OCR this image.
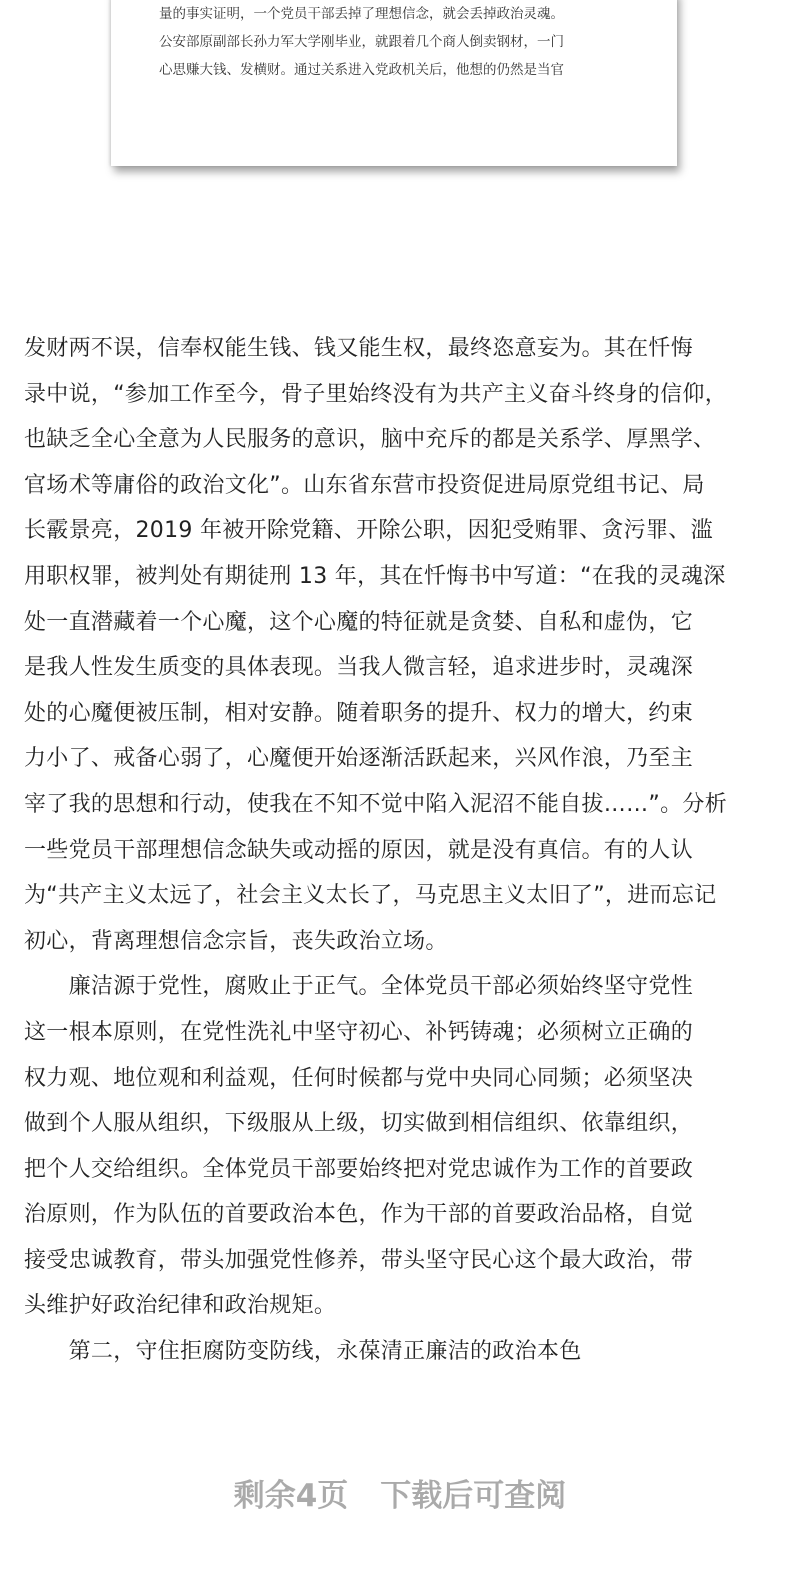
量的事实证明，一个党员干部丢掉了理想信念，就会丢掉政治灵魂。
公安部原副部长孙力军大学刚毕业，就跟着几个商人倒卖钢材，一门
心思赚大钱、发横财。通过关系进入党政机关后，他想的仍然是当官
发财两不误，信奉权能生钱、钱又能生权，最终恣意妄为。其在忏悔
录中说，“参加工作至今，骨子里始终没有为共产主义奋斗终身的信仰，
也缺乏全心全意为人民服务的意识，脑中充斥的都是关系学、厚黑学、
官场术等庸俗的政治文化”。山东省东营市投资促进局原党组书记、局
长霰景亮，2019 年被开除党籍、开除公职，因犯受贿罪、贪污罪、滥
用职权罪，被判处有期徒刑 13 年，其在忏悔书中写道：“在我的灵魂深
处一直潜藏着一个心魔，这个心魔的特征就是贪婪、自私和虚伪，它
是我人性发生质变的具体表现。当我人微言轻，追求进步时，灵魂深
处的心魔便被压制，相对安静。随着职务的提升、权力的增大，约束
力小了、戒备心弱了，心魔便开始逐渐活跃起来，兴风作浪，乃至主
宰了我的思想和行动，使我在不知不觉中陷入泥沼不能自拔……”。分析
一些党员干部理想信念缺失或动摇的原因，就是没有真信。有的人认
为“共产主义太远了，社会主义太长了，马克思主义太旧了”，进而忘记
初心，背离理想信念宗旨，丧失政治立场。
　　廉洁源于党性，腐败止于正气。全体党员干部必须始终坚守党性
这一根本原则，在党性洗礼中坚守初心、补钙铸魂；必须树立正确的
权力观、地位观和利益观，任何时候都与党中央同心同频；必须坚决
做到个人服从组织，下级服从上级，切实做到相信组织、依靠组织，
把个人交给组织。全体党员干部要始终把对党忠诚作为工作的首要政
治原则，作为队伍的首要政治本色，作为干部的首要政治品格，自觉
接受忠诚教育，带头加强党性修养，带头坚守民心这个最大政治，带
头维护好政治纪律和政治规矩。
　　第二，守住拒腐防变防线，永葆清正廉洁的政治本色
剩余4页 下载后可查阅
